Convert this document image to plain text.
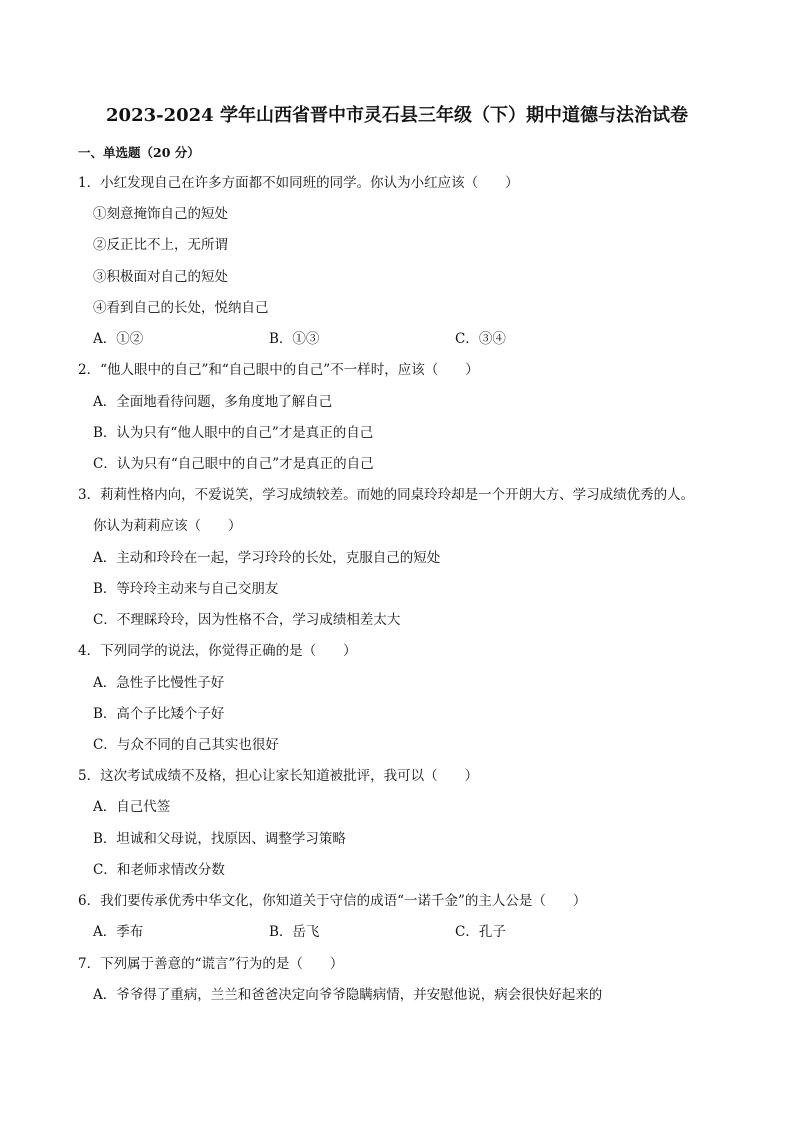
2023-2024 学年山西省晋中市灵石县三年级（下）期中道德与法治试卷
一、单选题（20 分）
1．小红发现自己在许多方面都不如同班的同学。你认为小红应该（　　）
①刻意掩饰自己的短处
②反正比不上，无所谓
③积极面对自己的短处
④看到自己的长处，悦纳自己
A．①②	B．①③	C．③④
2．“他人眼中的自己”和“自己眼中的自己”不一样时，应该（　　）
A．全面地看待问题，多角度地了解自己
B．认为只有“他人眼中的自己”才是真正的自己
C．认为只有“自己眼中的自己”才是真正的自己
3．莉莉性格内向，不爱说笑，学习成绩较差。而她的同桌玲玲却是一个开朗大方、学习成绩优秀的人。
你认为莉莉应该（　　）
A．主动和玲玲在一起，学习玲玲的长处，克服自己的短处
B．等玲玲主动来与自己交朋友
C．不理睬玲玲，因为性格不合，学习成绩相差太大
4．下列同学的说法，你觉得正确的是（　　）
A．急性子比慢性子好
B．高个子比矮个子好
C．与众不同的自己其实也很好
5．这次考试成绩不及格，担心让家长知道被批评，我可以（　　）
A．自己代签
B．坦诚和父母说，找原因、调整学习策略
C．和老师求情改分数
6．我们要传承优秀中华文化，你知道关于守信的成语“一诺千金”的主人公是（　　）
A．季布	B．岳飞	C．孔子
7．下列属于善意的“谎言”行为的是（　　）
A．爷爷得了重病，兰兰和爸爸决定向爷爷隐瞒病情，并安慰他说，病会很快好起来的
